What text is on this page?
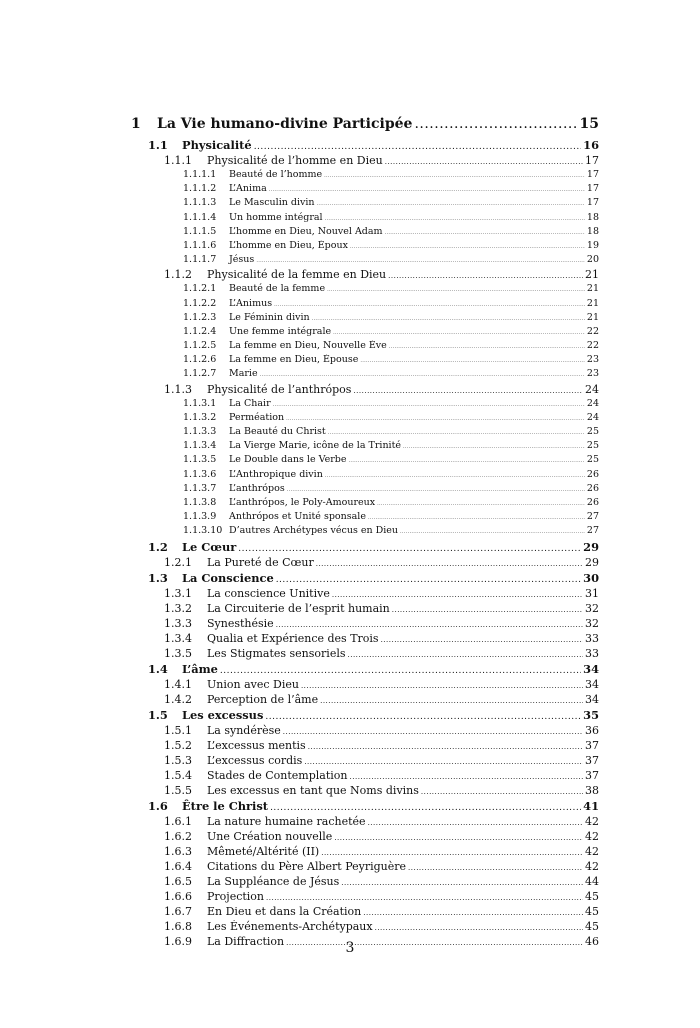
1	La Vie humano-divine Participée .....	15
1.1	Physicalité .....	16
1.1.1	Physicalité de l’homme en Dieu .....	17
1.1.1.1	Beauté de l’homme .....	17
1.1.1.2	L’Anima .....	17
1.1.1.3	Le Masculin divin .....	17
1.1.1.4	Un homme intégral .....	18
1.1.1.5	L’homme en Dieu, Nouvel Adam .....	18
1.1.1.6	L’homme en Dieu, Époux .....	19
1.1.1.7	Jésus .....	20
1.1.2	Physicalité de la femme en Dieu .....	21
1.1.2.1	Beauté de la femme .....	21
1.1.2.2	L’Animus .....	21
1.1.2.3	Le Féminin divin .....	21
1.1.2.4	Une femme intégrale .....	22
1.1.2.5	La femme en Dieu, Nouvelle Ève .....	22
1.1.2.6	La femme en Dieu, Épouse .....	23
1.1.2.7	Marie .....	23
1.1.3	Physicalité de l’anthrópos .....	24
1.1.3.1	La Chair .....	24
1.1.3.2	Perméation .....	24
1.1.3.3	La Beauté du Christ .....	25
1.1.3.4	La Vierge Marie, icône de la Trinité .....	25
1.1.3.5	Le Double dans le Verbe .....	25
1.1.3.6	L’Anthropique divin .....	26
1.1.3.7	L’anthrópos .....	26
1.1.3.8	L’anthrópos, le Poly-Amoureux .....	26
1.1.3.9	Anthrópos et Unité sponsale .....	27
1.1.3.10 D’autres Archétypes vécus en Dieu .....	27
1.2	Le Cœur .....	29
1.2.1	La Pureté de Cœur .....	29
1.3	La Conscience .....	30
1.3.1	La conscience Unitive .....	31
1.3.2	La Circuiterie de l’esprit humain .....	32
1.3.3	Synesthésie .....	32
1.3.4	Qualia et Expérience des Trois .....	33
1.3.5	Les Stigmates sensoriels .....	33
1.4	L’âme .....	34
1.4.1	Union avec Dieu .....	34
1.4.2	Perception de l’âme .....	34
1.5	Les excessus .....	35
1.5.1	La syndérèse .....	36
1.5.2	L’excessus mentis .....	37
1.5.3	L’excessus cordis .....	37
1.5.4	Stades de Contemplation .....	37
1.5.5	Les excessus en tant que Noms divins .....	38
1.6	Être le Christ .....	41
1.6.1	La nature humaine rachetée .....	42
1.6.2	Une Création nouvelle .....	42
1.6.3	Mêmeté/Altérité (II) .....	42
1.6.4	Citations du Père Albert Peyriguère .....	42
1.6.5	La Suppléance de Jésus .....	44
1.6.6	Projection .....	45
1.6.7	En Dieu et dans la Création .....	45
1.6.8	Les Événements-Archétypaux .....	45
1.6.9	La Diffraction .....	46
3
